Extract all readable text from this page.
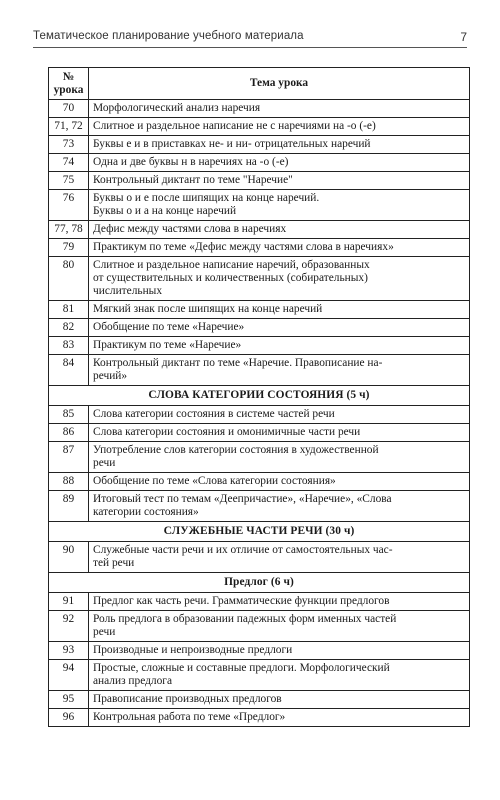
Тематическое планирование учебного материала	7
№ урока	Тема урока
70	Морфологический анализ наречия

71, 72	Слитное и раздельное написание не с наречиями на -о (-е)

73	Буквы е и в приставках не- и ни- отрицательных наречий

74	Одна и две буквы н в наречиях на -о (-е)

75	Контрольный диктант по теме "Наречие"

76	Буквы о и е после шипящих на конце наречий.
Буквы о и а на конце наречий

77, 78	Дефис между частями слова в наречиях

79	Практикум по теме «Дефис между частями слова в наречиях»

80	Слитное и раздельное написание наречий, образованных
от существительных и количественных (собирательных)
числительных

81	Мягкий знак после шипящих на конце наречий

82	Обобщение по теме «Наречие»

83	Практикум по теме «Наречие»

84	Контрольный диктант по теме «Наречие. Правописание на-
речий»

СЛОВА КАТЕГОРИИ СОСТОЯНИЯ (5 ч)	
85	Слова категории состояния в системе частей речи

86	Слова категории состояния и омонимичные части речи

87	Употребление слов категории состояния в художественной
речи

88	Обобщение по теме «Слова категории состояния»

89	Итоговый тест по темам «Деепричастие», «Наречие», «Слова
категории состояния»

СЛУЖЕБНЫЕ ЧАСТИ РЕЧИ (30 ч)	
90	Служебные части речи и их отличие от самостоятельных час-
тей речи

Предлог (6 ч)	
91	Предлог как часть речи. Грамматические функции предлогов

92	Роль предлога в образовании падежных форм именных частей
речи

93	Производные и непроизводные предлоги

94	Простые, сложные и составные предлоги. Морфологический
анализ предлога

95	Правописание производных предлогов

96	Контрольная работа по теме «Предлог»
